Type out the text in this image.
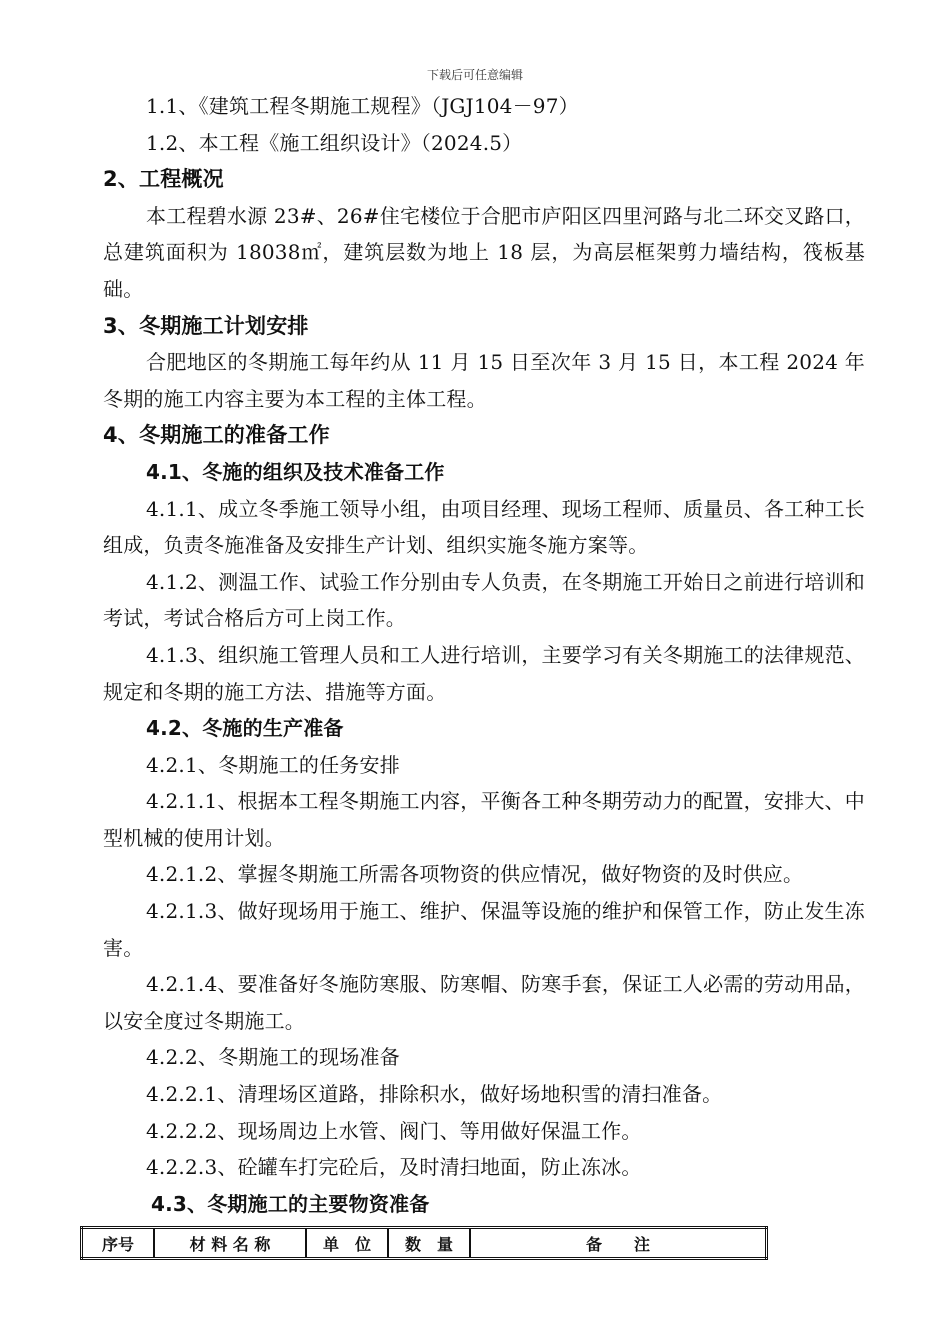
下载后可任意编辑
1.1、《建筑工程冬期施工规程》（JGJ104－97）
1.2、本工程《施工组织设计》（2024.5）
2、工程概况
本工程碧水源 23#、26#住宅楼位于合肥市庐阳区四里河路与北二环交叉路口，总建筑面积为 18038㎡，建筑层数为地上 18 层，为高层框架剪力墙结构，筏板基础。
3、冬期施工计划安排
合肥地区的冬期施工每年约从 11 月 15 日至次年 3 月 15 日，本工程 2024 年冬期的施工内容主要为本工程的主体工程。
4、冬期施工的准备工作
4.1、冬施的组织及技术准备工作
4.1.1、成立冬季施工领导小组，由项目经理、现场工程师、质量员、各工种工长组成，负责冬施准备及安排生产计划、组织实施冬施方案等。
4.1.2、测温工作、试验工作分别由专人负责，在冬期施工开始日之前进行培训和考试，考试合格后方可上岗工作。
4.1.3、组织施工管理人员和工人进行培训，主要学习有关冬期施工的法律规范、规定和冬期的施工方法、措施等方面。
4.2、冬施的生产准备
4.2.1、冬期施工的任务安排
4.2.1.1、根据本工程冬期施工内容，平衡各工种冬期劳动力的配置，安排大、中型机械的使用计划。
4.2.1.2、掌握冬期施工所需各项物资的供应情况，做好物资的及时供应。
4.2.1.3、做好现场用于施工、维护、保温等设施的维护和保管工作，防止发生冻害。
4.2.1.4、要准备好冬施防寒服、防寒帽、防寒手套，保证工人必需的劳动用品，以安全度过冬期施工。
4.2.2、冬期施工的现场准备
4.2.2.1、清理场区道路，排除积水，做好场地积雪的清扫准备。
4.2.2.2、现场周边上水管、阀门、等用做好保温工作。
4.2.2.3、砼罐车打完砼后，及时清扫地面，防止冻冰。
4.3、冬期施工的主要物资准备
序号	材 料 名 称	单　位	数　量	备　　注
